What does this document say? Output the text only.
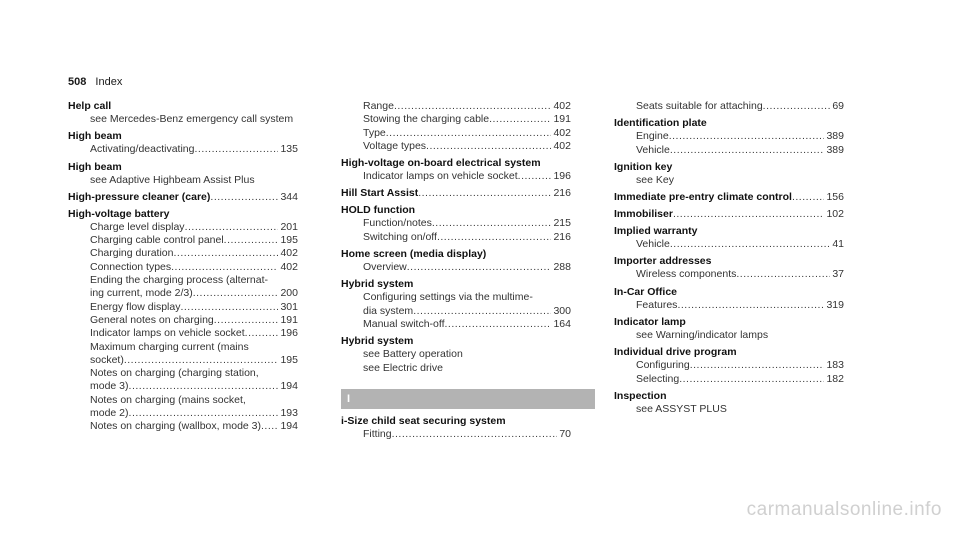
508 Index
Help call
see Mercedes-Benz emergency call system
High beam
Activating/deactivating .....	135
High beam
see Adaptive Highbeam Assist Plus
High-pressure cleaner (care) .....	344
High-voltage battery
Charge level display .....	201
Charging cable control panel .....	195
Charging duration .....	402
Connection types .....	402
Ending the charging process (alternat-
ing current, mode 2/3) .....	200
Energy flow display .....	301
General notes on charging .....	191
Indicator lamps on vehicle socket .....	196
Maximum charging current (mains
socket) .....	195
Notes on charging (charging station,
mode 3) .....	194
Notes on charging (mains socket,
mode 2) .....	193
Notes on charging (wallbox, mode 3) ..... 194
Range .....	402
Stowing the charging cable .....	191
Type .....	402
Voltage types .....	402
High-voltage on-board electrical system
Indicator lamps on vehicle socket .....	196
Hill Start Assist .....	216
HOLD function
Function/notes .....	215
Switching on/off .....	216
Home screen (media display)
Overview .....	288
Hybrid system
Configuring settings via the multime-
dia system .....	300
Manual switch-off .....	164
Hybrid system
see Battery operation
see Electric drive
I
i-Size child seat securing system
Fitting .....	70
Seats suitable for attaching .....	69
Identification plate
Engine .....	389
Vehicle .....	389
Ignition key
see Key
Immediate pre-entry climate control .....	156
Immobiliser .....	102
Implied warranty
Vehicle .....	41
Importer addresses
Wireless components .....	37
In-Car Office
Features .....	319
Indicator lamp
see Warning/indicator lamps
Individual drive program
Configuring .....	183
Selecting .....	182
Inspection
see ASSYST PLUS
carmanualsonline.info
